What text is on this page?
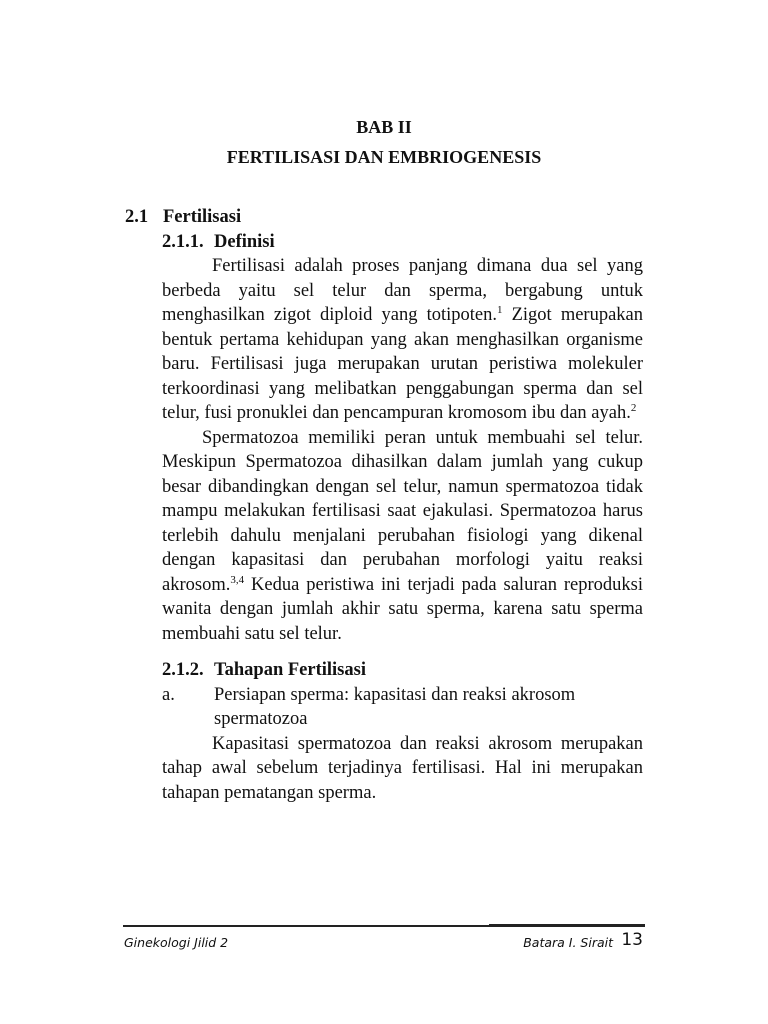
BAB II
FERTILISASI DAN EMBRIOGENESIS
2.1 Fertilisasi
2.1.1. Definisi

Fertilisasi adalah proses panjang dimana dua sel yang berbeda yaitu sel telur dan sperma, bergabung untuk menghasilkan zigot diploid yang totipoten.$^1$ Zigot merupakan bentuk pertama kehidupan yang akan menghasilkan organisme baru. Fertilisasi juga merupakan urutan peristiwa molekuler terkoordinasi yang melibatkan penggabungan sperma dan sel telur, fusi pronuklei dan pencampuran kromosom ibu dan ayah.$^2$

Spermatozoa memiliki peran untuk membuahi sel telur. Meskipun Spermatozoa dihasilkan dalam jumlah yang cukup besar dibandingkan dengan sel telur, namun spermatozoa tidak mampu melakukan fertilisasi saat ejakulasi. Spermatozoa harus terlebih dahulu menjalani perubahan fisiologi yang dikenal dengan kapasitasi dan perubahan morfologi yaitu reaksi akrosom.$^{3,4}$ Kedua peristiwa ini terjadi pada saluran reproduksi wanita dengan jumlah akhir satu sperma, karena satu sperma membuahi satu sel telur.

2.1.2. Tahapan Fertilisasi

a. Persiapan sperma: kapasitasi dan reaksi akrosom spermatozoa

Kapasitasi spermatozoa dan reaksi akrosom merupakan tahap awal sebelum terjadinya fertilisasi. Hal ini merupakan tahapan pematangan sperma.

Ginekologi Jilid 2	Batara I. Sirait 13
